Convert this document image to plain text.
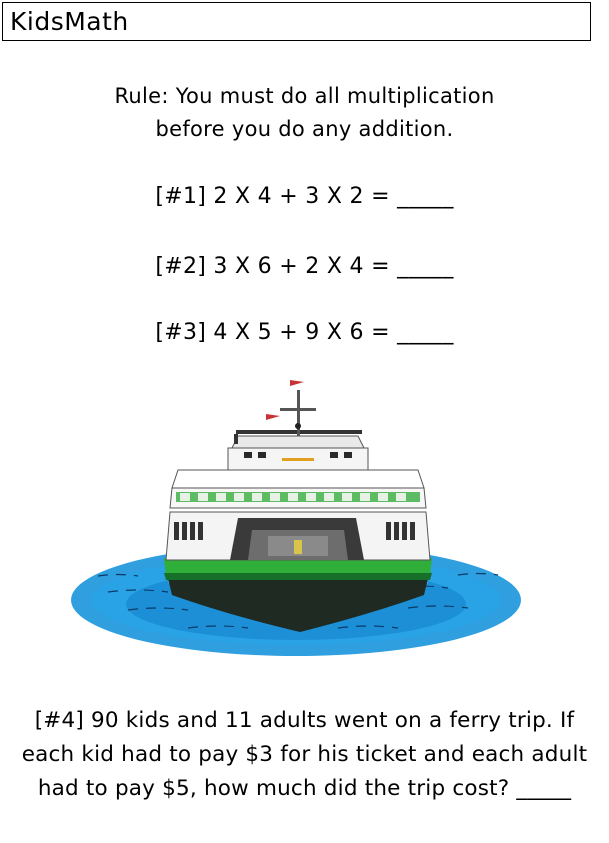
KidsMath
Rule: You must do all multiplication
before you do any addition.
[#1] 2 X 4 + 3 X 2 = _____
[#2] 3 X 6 + 2 X 4 = _____
[#3] 4 X 5 + 9 X 6 = _____
[#4] 90 kids and 11 adults went on a ferry trip. If
each kid had to pay $3 for his ticket and each adult
had to pay $5, how much did the trip cost? _____
